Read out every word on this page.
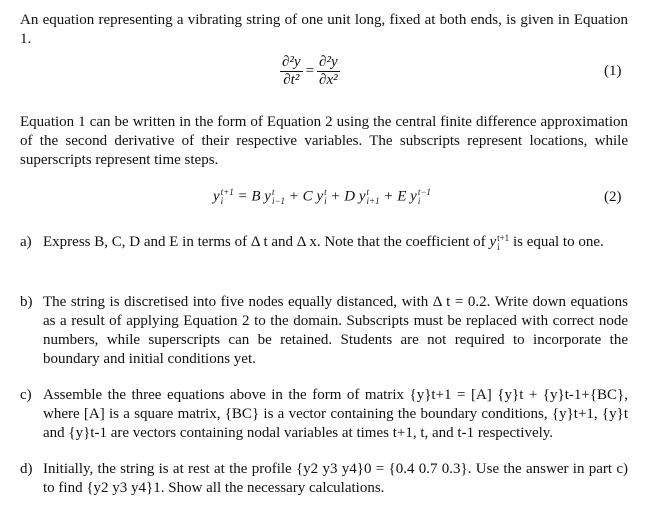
An equation representing a vibrating string of one unit long, fixed at both ends, is given in Equation 1.
$\frac{\text{∂²y}}{\text{∂t²}} = \frac{\text{∂²y}}{\text{∂x²}}$	(1)
Equation 1 can be written in the form of Equation 2 using the central finite difference approximation of the second derivative of their respective variables. The subscripts represent locations, while superscripts represent time steps.
y t+1
i = B y t
i−1 + C y t
i + D y t
i+1 + E y t−1
i	(2)
a) Express B, C, D and E in terms of Δ t and Δ x. Note that the coefficient of y t+1
i is equal to one.
b) The string is discretised into five nodes equally distanced, with Δ t = 0.2. Write down equations as a result of applying Equation 2 to the domain. Subscripts must be replaced with correct node numbers, while superscripts can be retained. Students are not required to incorporate the boundary and initial conditions yet.
c) Assemble the three equations above in the form of matrix {y}t+1 = [A] {y}t + {y}t-1+{BC}, where [A] is a square matrix, {BC} is a vector containing the boundary conditions, {y}t+1, {y}t and {y}t-1 are vectors containing nodal variables at times t+1, t, and t-1 respectively.
d) Initially, the string is at rest at the profile {y2 y3 y4}0 = {0.4 0.7 0.3}. Use the answer in part c) to find {y2 y3 y4}1. Show all the necessary calculations.
